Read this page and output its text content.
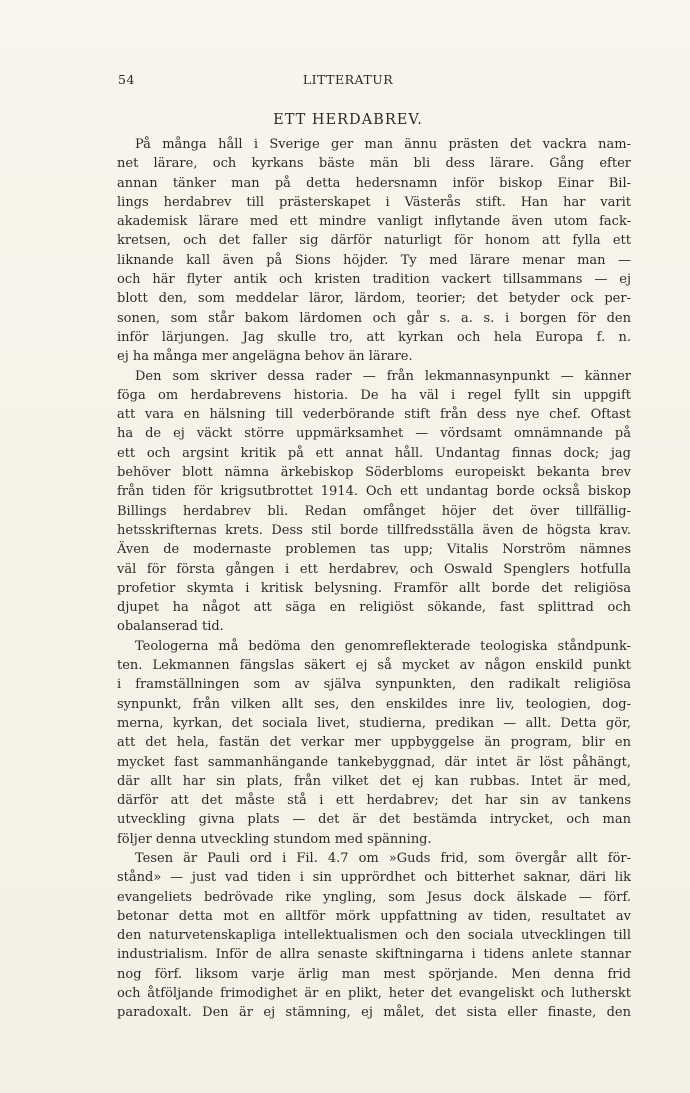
54	LITTERATUR
ETT HERDABREV.
På många håll i Sverige ger man ännu prästen det vackra nam-
net lärare, och kyrkans bäste män bli dess lärare. Gång efter
annan tänker man på detta hedersnamn inför biskop Einar Bil-
lings herdabrev till prästerskapet i Västerås stift. Han har varit
akademisk lärare med ett mindre vanligt inflytande även utom fack-
kretsen, och det faller sig därför naturligt för honom att fylla ett
liknande kall även på Sions höjder. Ty med lärare menar man —
och här flyter antik och kristen tradition vackert tillsammans — ej
blott den, som meddelar läror, lärdom, teorier; det betyder ock per-
sonen, som står bakom lärdomen och går s. a. s. i borgen för den
inför lärjungen. Jag skulle tro, att kyrkan och hela Europa f. n.
ej ha många mer angelägna behov än lärare.
Den som skriver dessa rader — från lekmannasynpunkt — känner
föga om herdabrevens historia. De ha väl i regel fyllt sin uppgift
att vara en hälsning till vederbörande stift från dess nye chef. Oftast
ha de ej väckt större uppmärksamhet — vördsamt omnämnande på
ett och argsint kritik på ett annat håll. Undantag finnas dock; jag
behöver blott nämna ärkebiskop Söderbloms europeiskt bekanta brev
från tiden för krigsutbrottet 1914. Och ett undantag borde också biskop
Billings herdabrev bli. Redan omfånget höjer det över tillfällig-
hetsskrifternas krets. Dess stil borde tillfredsställa även de högsta krav.
Även de modernaste problemen tas upp; Vitalis Norström nämnes
väl för första gången i ett herdabrev, och Oswald Spenglers hotfulla
profetior skymta i kritisk belysning. Framför allt borde det religiösa
djupet ha något att säga en religiöst sökande, fast splittrad och
obalanserad tid.
Teologerna må bedöma den genomreflekterade teologiska ståndpunk-
ten. Lekmannen fängslas säkert ej så mycket av någon enskild punkt
i framställningen som av själva synpunkten, den radikalt religiösa
synpunkt, från vilken allt ses, den enskildes inre liv, teologien, dog-
merna, kyrkan, det sociala livet, studierna, predikan — allt. Detta gör,
att det hela, fastän det verkar mer uppbyggelse än program, blir en
mycket fast sammanhängande tankebyggnad, där intet är löst påhängt,
där allt har sin plats, från vilket det ej kan rubbas. Intet är med,
därför att det måste stå i ett herdabrev; det har sin av tankens
utveckling givna plats — det är det bestämda intrycket, och man
följer denna utveckling stundom med spänning.
Tesen är Pauli ord i Fil. 4.7 om »Guds frid, som övergår allt för-
stånd» — just vad tiden i sin upprördhet och bitterhet saknar, däri lik
evangeliets bedrövade rike yngling, som Jesus dock älskade — förf.
betonar detta mot en alltför mörk uppfattning av tiden, resultatet av
den naturvetenskapliga intellektualismen och den sociala utvecklingen till
industrialism. Inför de allra senaste skiftningarna i tidens anlete stannar
nog förf. liksom varje ärlig man mest spörjande. Men denna frid
och åtföljande frimodighet är en plikt, heter det evangeliskt och lutherskt
paradoxalt. Den är ej stämning, ej målet, det sista eller finaste, den
